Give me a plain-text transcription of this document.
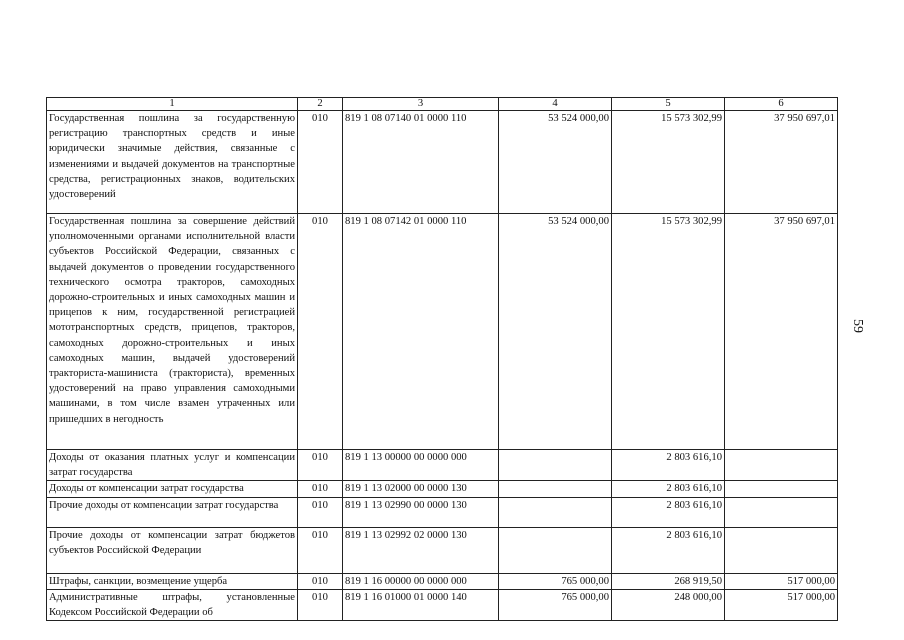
1	2	3	4	5	6
Государственная пошлина за государственную регистрацию транспортных средств и иные юридически значимые действия, связанные с изменениями и выдачей документов на транспортные средства, регистрационных знаков, водительских удостоверений	010	819 1 08 07140 01 0000 110	53 524 000,00	15 573 302,99	37 950 697,01
Государственная пошлина за совершение действий уполномоченными органами исполнительной власти субъектов Российской Федерации, связанных с выдачей документов о проведении государственного технического осмотра тракторов, самоходных дорожно-строительных и иных самоходных машин и прицепов к ним, государственной регистрацией мототранспортных средств, прицепов, тракторов, самоходных дорожно-строительных и иных самоходных машин, выдачей удостоверений тракториста-машиниста (тракториста), временных удостоверений на право управления самоходными машинами, в том числе взамен утраченных или пришедших в негодность	010	819 1 08 07142 01 0000 110	53 524 000,00	15 573 302,99	37 950 697,01
Доходы от оказания платных услуг и компенсации затрат государства	010	819 1 13 00000 00 0000 000		2 803 616,10	
Доходы от компенсации затрат государства	010	819 1 13 02000 00 0000 130		2 803 616,10	
Прочие доходы от компенсации затрат государства	010	819 1 13 02990 00 0000 130		2 803 616,10	
Прочие доходы от компенсации затрат бюджетов субъектов Российской Федерации	010	819 1 13 02992 02 0000 130		2 803 616,10	
Штрафы, санкции, возмещение ущерба	010	819 1 16 00000 00 0000 000	765 000,00	268 919,50	517 000,00
Административные штрафы, установленные Кодексом Российской Федерации об	010	819 1 16 01000 01 0000 140	765 000,00	248 000,00	517 000,00
59
